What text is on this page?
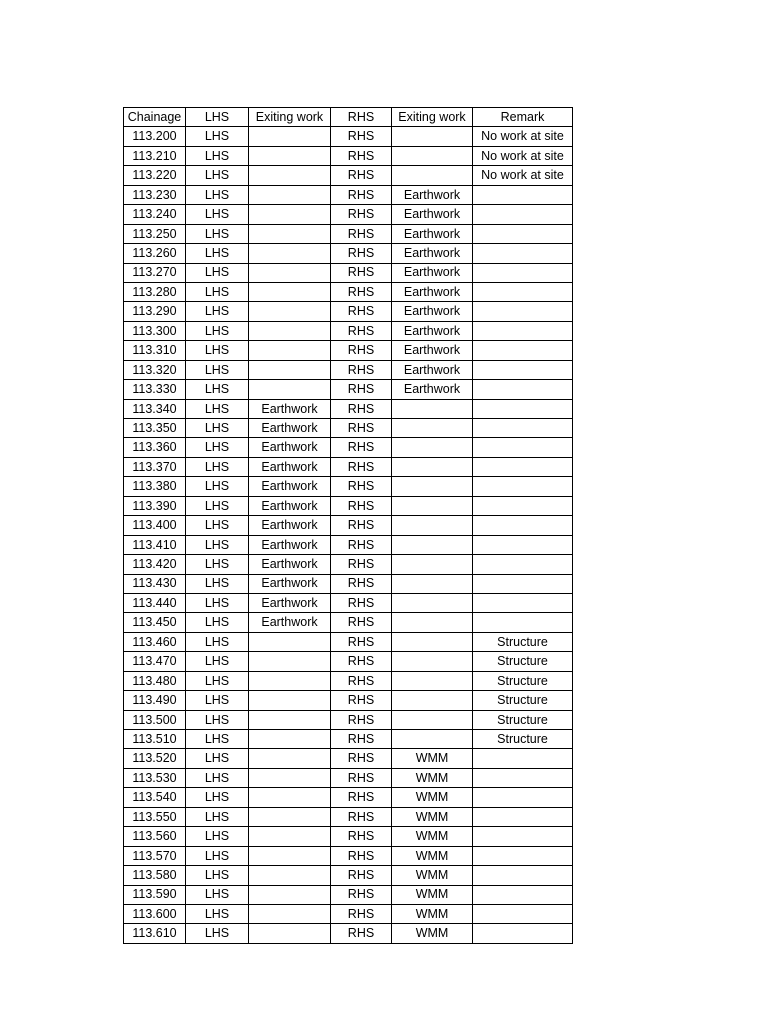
Chainage	LHS	Exiting work	RHS	Exiting work	Remark
113.200	LHS		RHS		No work at site
113.210	LHS		RHS		No work at site
113.220	LHS		RHS		No work at site
113.230	LHS		RHS	Earthwork	
113.240	LHS		RHS	Earthwork	
113.250	LHS		RHS	Earthwork	
113.260	LHS		RHS	Earthwork	
113.270	LHS		RHS	Earthwork	
113.280	LHS		RHS	Earthwork	
113.290	LHS		RHS	Earthwork	
113.300	LHS		RHS	Earthwork	
113.310	LHS		RHS	Earthwork	
113.320	LHS		RHS	Earthwork	
113.330	LHS		RHS	Earthwork	
113.340	LHS	Earthwork	RHS		
113.350	LHS	Earthwork	RHS		
113.360	LHS	Earthwork	RHS		
113.370	LHS	Earthwork	RHS		
113.380	LHS	Earthwork	RHS		
113.390	LHS	Earthwork	RHS		
113.400	LHS	Earthwork	RHS		
113.410	LHS	Earthwork	RHS		
113.420	LHS	Earthwork	RHS		
113.430	LHS	Earthwork	RHS		
113.440	LHS	Earthwork	RHS		
113.450	LHS	Earthwork	RHS		
113.460	LHS		RHS		Structure
113.470	LHS		RHS		Structure
113.480	LHS		RHS		Structure
113.490	LHS		RHS		Structure
113.500	LHS		RHS		Structure
113.510	LHS		RHS		Structure
113.520	LHS		RHS	WMM	
113.530	LHS		RHS	WMM	
113.540	LHS		RHS	WMM	
113.550	LHS		RHS	WMM	
113.560	LHS		RHS	WMM	
113.570	LHS		RHS	WMM	
113.580	LHS		RHS	WMM	
113.590	LHS		RHS	WMM	
113.600	LHS		RHS	WMM	
113.610	LHS		RHS	WMM	
